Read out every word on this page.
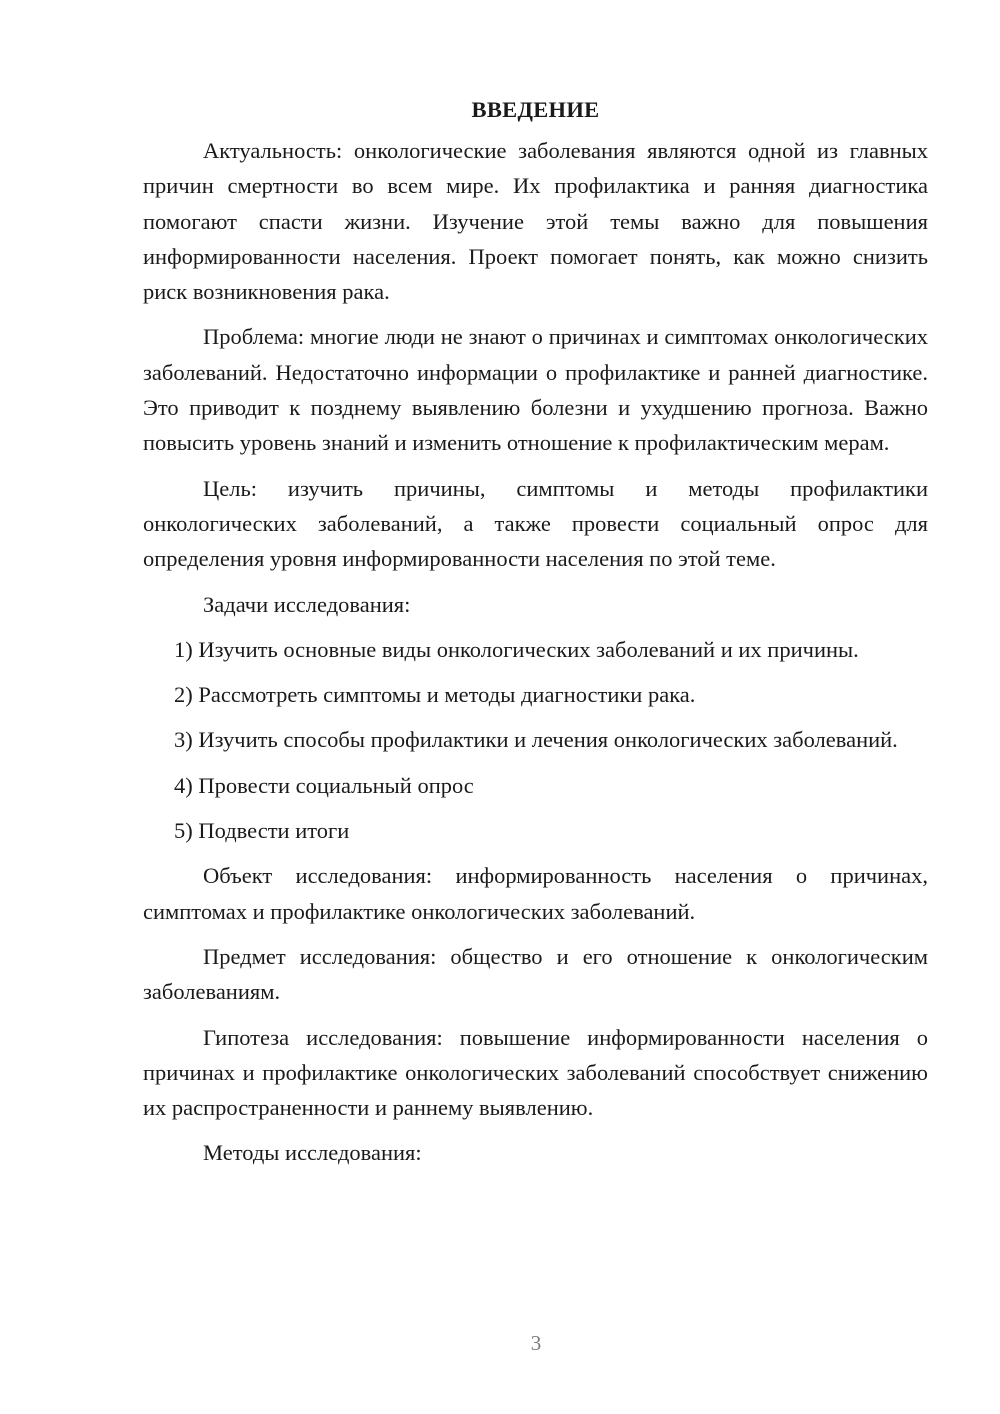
ВВЕДЕНИЕ

Актуальность: онкологические заболевания являются одной из главных причин смертности во всем мире. Их профилактика и ранняя диагностика помогают спасти жизни. Изучение этой темы важно для повышения информированности населения. Проект помогает понять, как можно снизить риск возникновения рака.

Проблема: многие люди не знают о причинах и симптомах онкологических заболеваний. Недостаточно информации о профилактике и ранней диагностике. Это приводит к позднему выявлению болезни и ухудшению прогноза. Важно повысить уровень знаний и изменить отношение к профилактическим мерам.

Цель: изучить причины, симптомы и методы профилактики онкологических заболеваний, а также провести социальный опрос для определения уровня информированности населения по этой теме.

Задачи исследования:

1) Изучить основные виды онкологических заболеваний и их причины.

2) Рассмотреть симптомы и методы диагностики рака.

3) Изучить способы профилактики и лечения онкологических заболеваний.

4) Провести социальный опрос

5) Подвести итоги

Объект исследования: информированность населения о причинах, симптомах и профилактике онкологических заболеваний.

Предмет исследования: общество и его отношение к онкологическим заболеваниям.

Гипотеза исследования: повышение информированности населения о причинах и профилактике онкологических заболеваний способствует снижению их распространенности и раннему выявлению.

Методы исследования:

3
